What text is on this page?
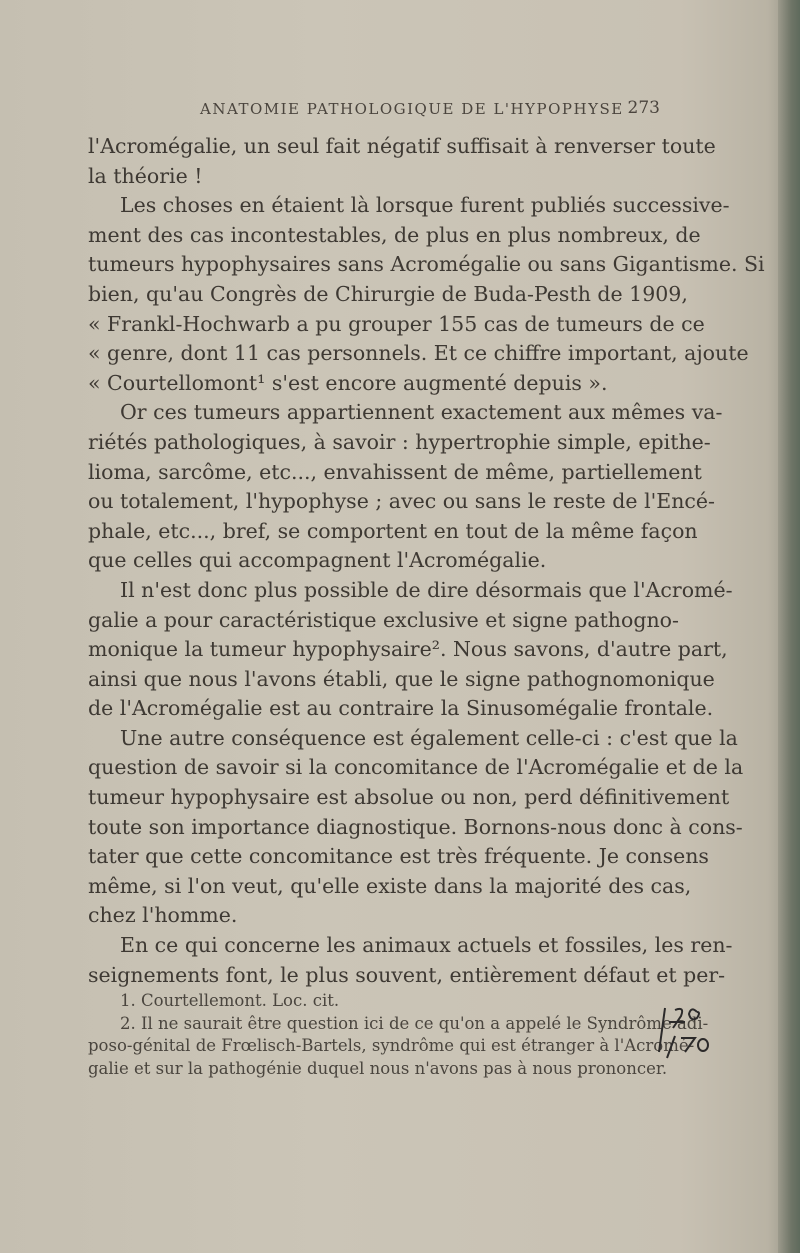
ANATOMIE PATHOLOGIQUE DE L'HYPOPHYSE 273
l'Acromégalie, un seul fait négatif suffisait à renverser toute
la théorie !
Les choses en étaient là lorsque furent publiés successive-
ment des cas incontestables, de plus en plus nombreux, de
tumeurs hypophysaires sans Acromégalie ou sans Gigantisme. Si
bien, qu'au Congrès de Chirurgie de Buda-Pesth de 1909,
« Frankl-Hochwarb a pu grouper 155 cas de tumeurs de ce
« genre, dont 11 cas personnels. Et ce chiffre important, ajoute
« Courtellomont¹ s'est encore augmenté depuis ».
Or ces tumeurs appartiennent exactement aux mêmes va-
riétés pathologiques, à savoir : hypertrophie simple, epithe-
lioma, sarcôme, etc..., envahissent de même, partiellement
ou totalement, l'hypophyse ; avec ou sans le reste de l'Encé-
phale, etc..., bref, se comportent en tout de la même façon
que celles qui accompagnent l'Acromégalie.
Il n'est donc plus possible de dire désormais que l'Acromé-
galie a pour caractéristique exclusive et signe pathogno-
monique la tumeur hypophysaire². Nous savons, d'autre part,
ainsi que nous l'avons établi, que le signe pathognomonique
de l'Acromégalie est au contraire la Sinusomégalie frontale.
Une autre conséquence est également celle-ci : c'est que la
question de savoir si la concomitance de l'Acromégalie et de la
tumeur hypophysaire est absolue ou non, perd définitivement
toute son importance diagnostique. Bornons-nous donc à cons-
tater que cette concomitance est très fréquente. Je consens
même, si l'on veut, qu'elle existe dans la majorité des cas,
chez l'homme.
En ce qui concerne les animaux actuels et fossiles, les ren-
seignements font, le plus souvent, entièrement défaut et per-
1. Courtellemont. Loc. cit.
2. Il ne saurait être question ici de ce qu'on a appelé le Syndrôme adi-
poso-génital de Frœlisch-Bartels, syndrôme qui est étranger à l'Acromé-
galie et sur la pathogénie duquel nous n'avons pas à nous prononcer.
